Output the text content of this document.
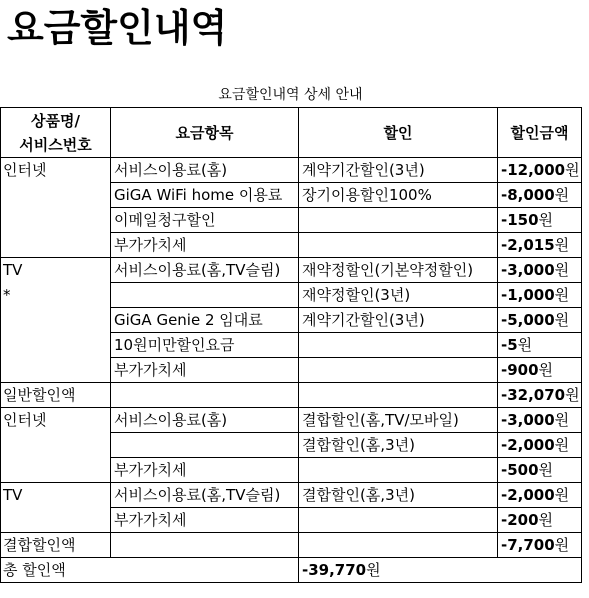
요금할인내역
요금할인내역 상세 안내
상품명/
서비스번호	요금항목	할인	할인금액

인터넷	서비스이용료(홈)	계약기간할인(3년)	-12,000원
	GiGA WiFi home 이용료	장기이용할인100%	-8,000원
	이메일청구할인		-150원
	부가가치세		-2,015원

TV
*	서비스이용료(홈,TV슬림)	재약정할인(기본약정할인)	-3,000원
		재약정할인(3년)	-1,000원
	GiGA Genie 2 임대료	계약기간할인(3년)	-5,000원
	10원미만할인요금		-5원
	부가가치세		-900원
일반할인액			-32,070원

인터넷	서비스이용료(홈)	결합할인(홈,TV/모바일)	-3,000원
		결합할인(홈,3년)	-2,000원
	부가가치세		-500원

TV	서비스이용료(홈,TV슬림)	결합할인(홈,3년)	-2,000원
	부가가치세		-200원
결합할인액			-7,700원
총 할인액		-39,770원	
